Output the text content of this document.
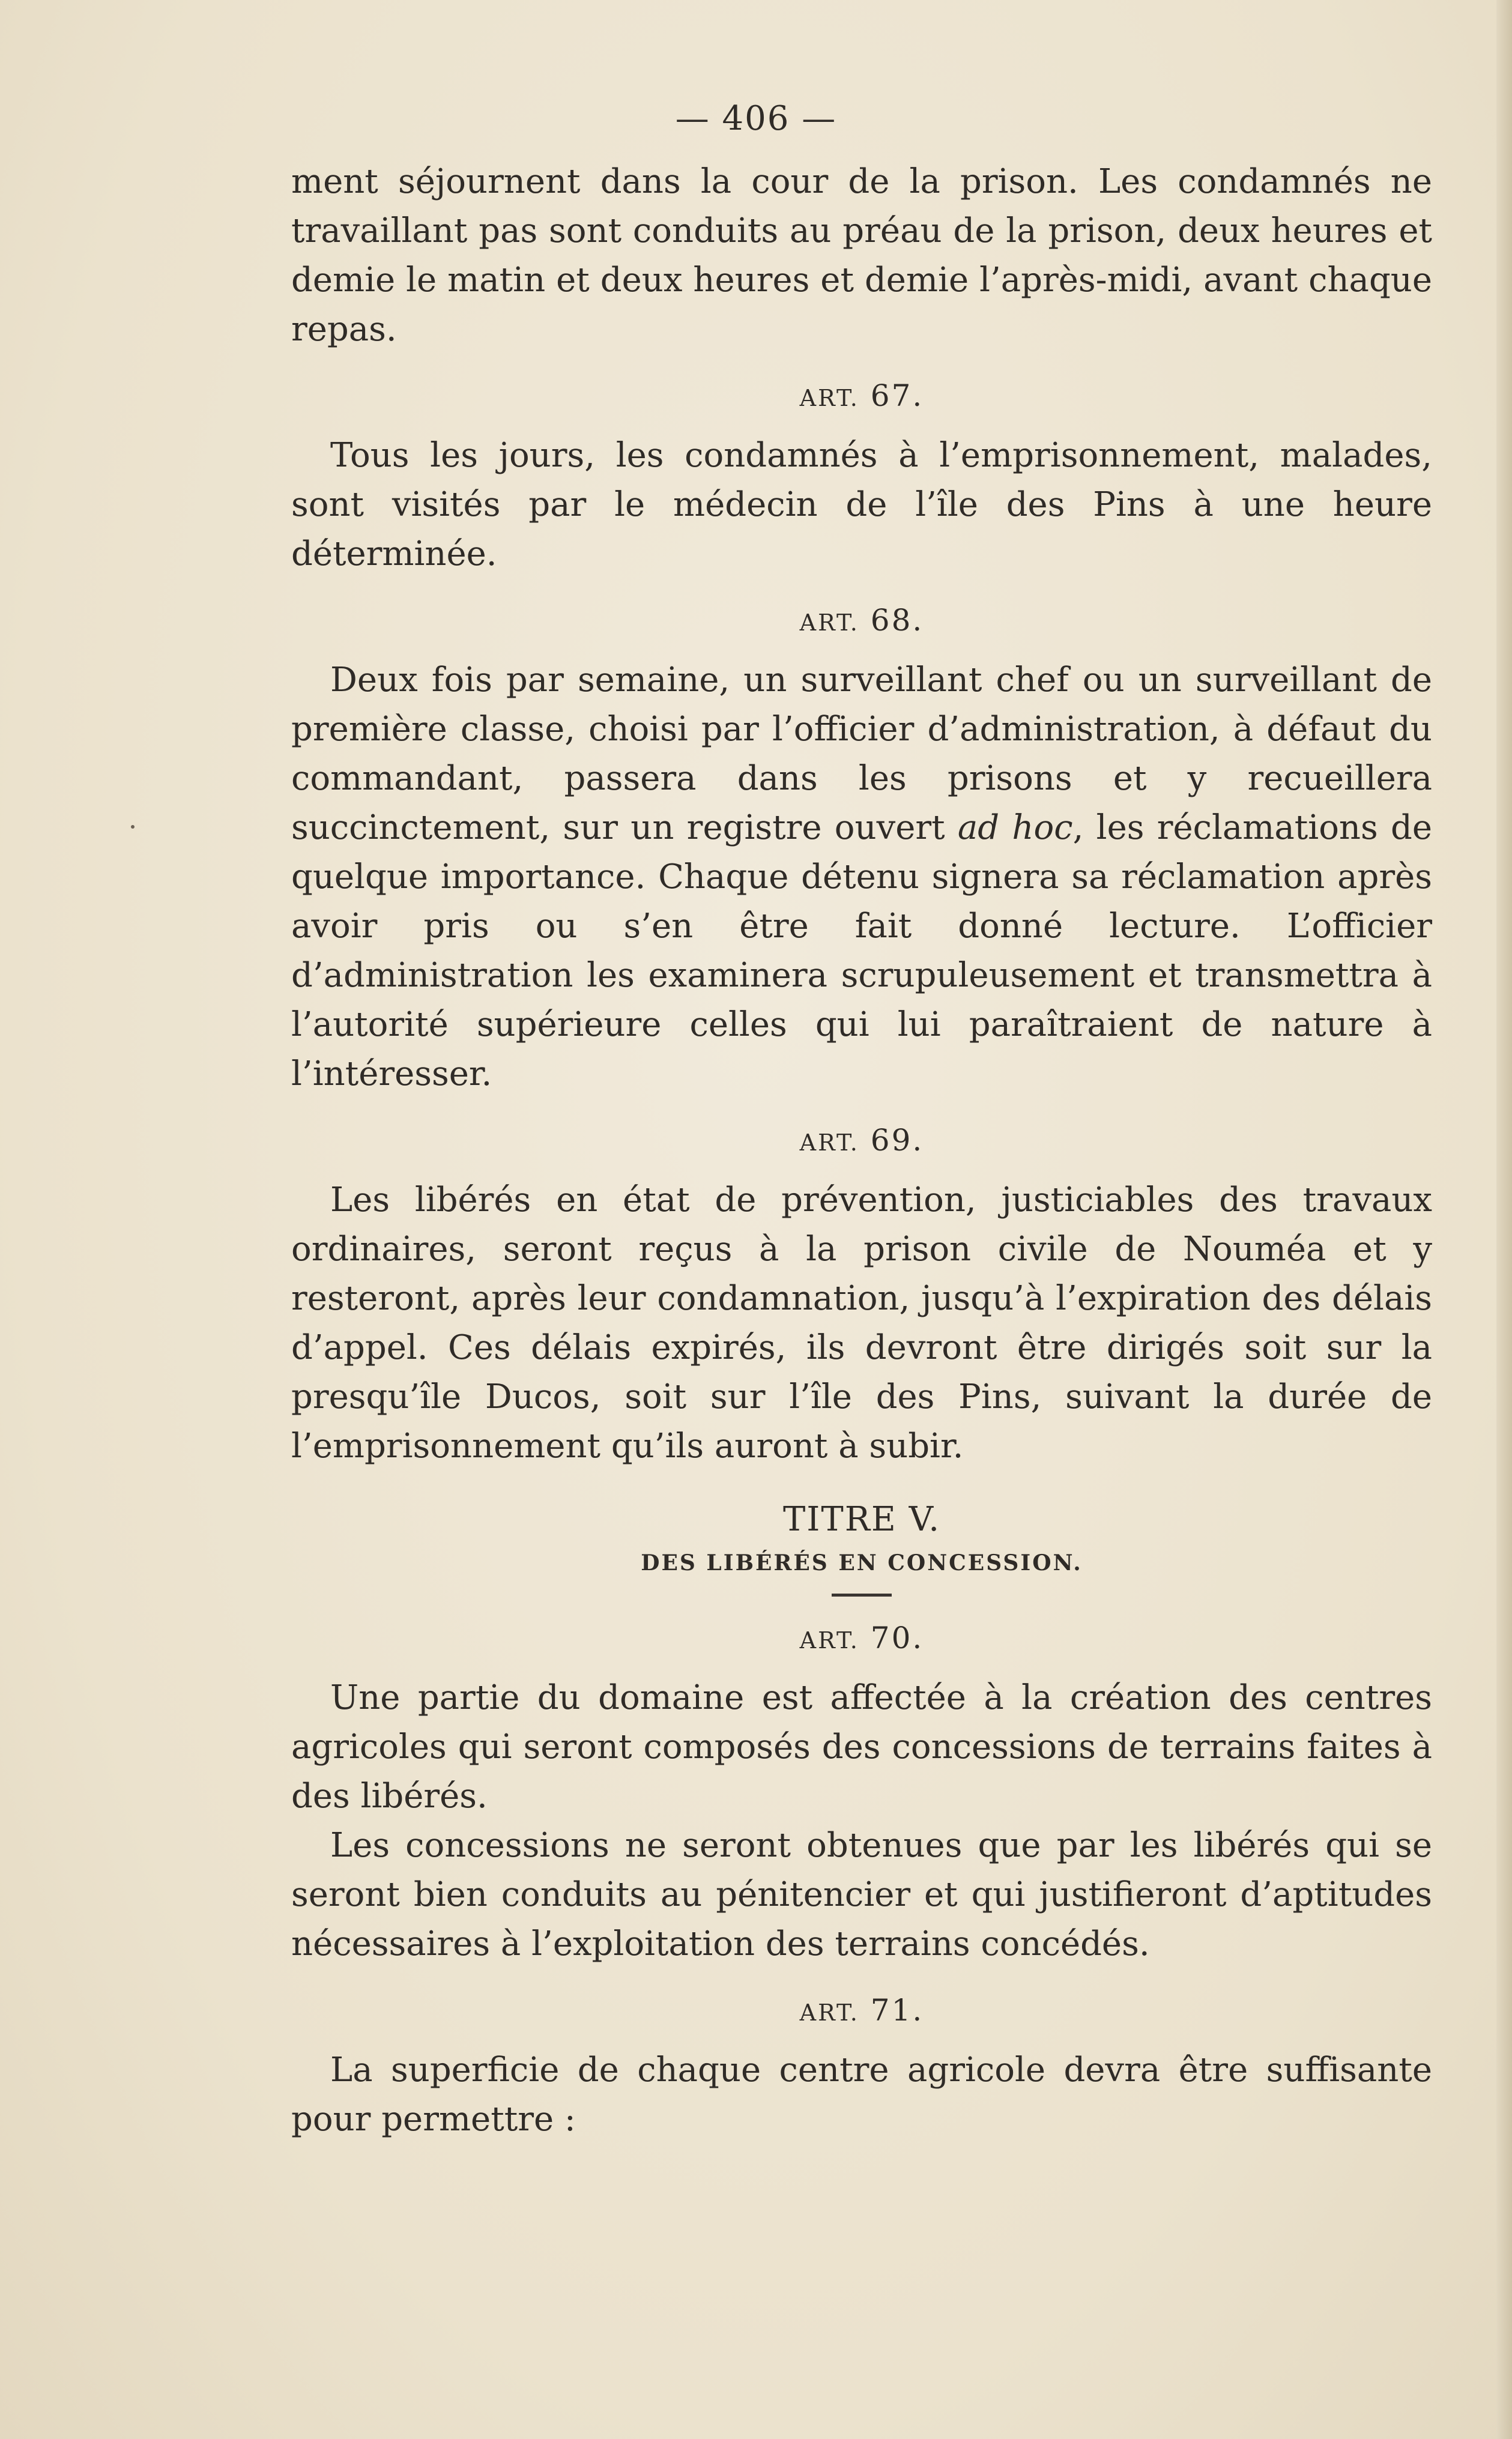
— 406 —

ment séjournent dans la cour de la prison. Les condamnés ne travaillant pas sont conduits au préau de la prison, deux heures et demie le matin et deux heures et demie l’après-midi, avant chaque repas.

ART. 67.

Tous les jours, les condamnés à l’emprisonnement, malades, sont visités par le médecin de l’île des Pins à une heure déterminée.

ART. 68.

Deux fois par semaine, un surveillant chef ou un surveillant de première classe, choisi par l’officier d’administration, à défaut du commandant, passera dans les prisons et y recueillera succinctement, sur un registre ouvert ad hoc, les réclamations de quelque importance. Chaque détenu signera sa réclamation après avoir pris ou s’en être fait donné lecture. L’officier d’administration les examinera scrupuleusement et transmettra à l’autorité supérieure celles qui lui paraîtraient de nature à l’intéresser.

ART. 69.

Les libérés en état de prévention, justiciables des travaux ordinaires, seront reçus à la prison civile de Nouméa et y resteront, après leur condamnation, jusqu’à l’expiration des délais d’appel. Ces délais expirés, ils devront être dirigés soit sur la presqu’île Ducos, soit sur l’île des Pins, suivant la durée de l’emprisonnement qu’ils auront à subir.

TITRE V.
DES LIBÉRÉS EN CONCESSION.
ART. 70.

Une partie du domaine est affectée à la création des centres agricoles qui seront composés des concessions de terrains faites à des libérés.

Les concessions ne seront obtenues que par les libérés qui se seront bien conduits au pénitencier et qui justifieront d’aptitudes nécessaires à l’exploitation des terrains concédés.

ART. 71.

La superficie de chaque centre agricole devra être suffisante pour permettre :
